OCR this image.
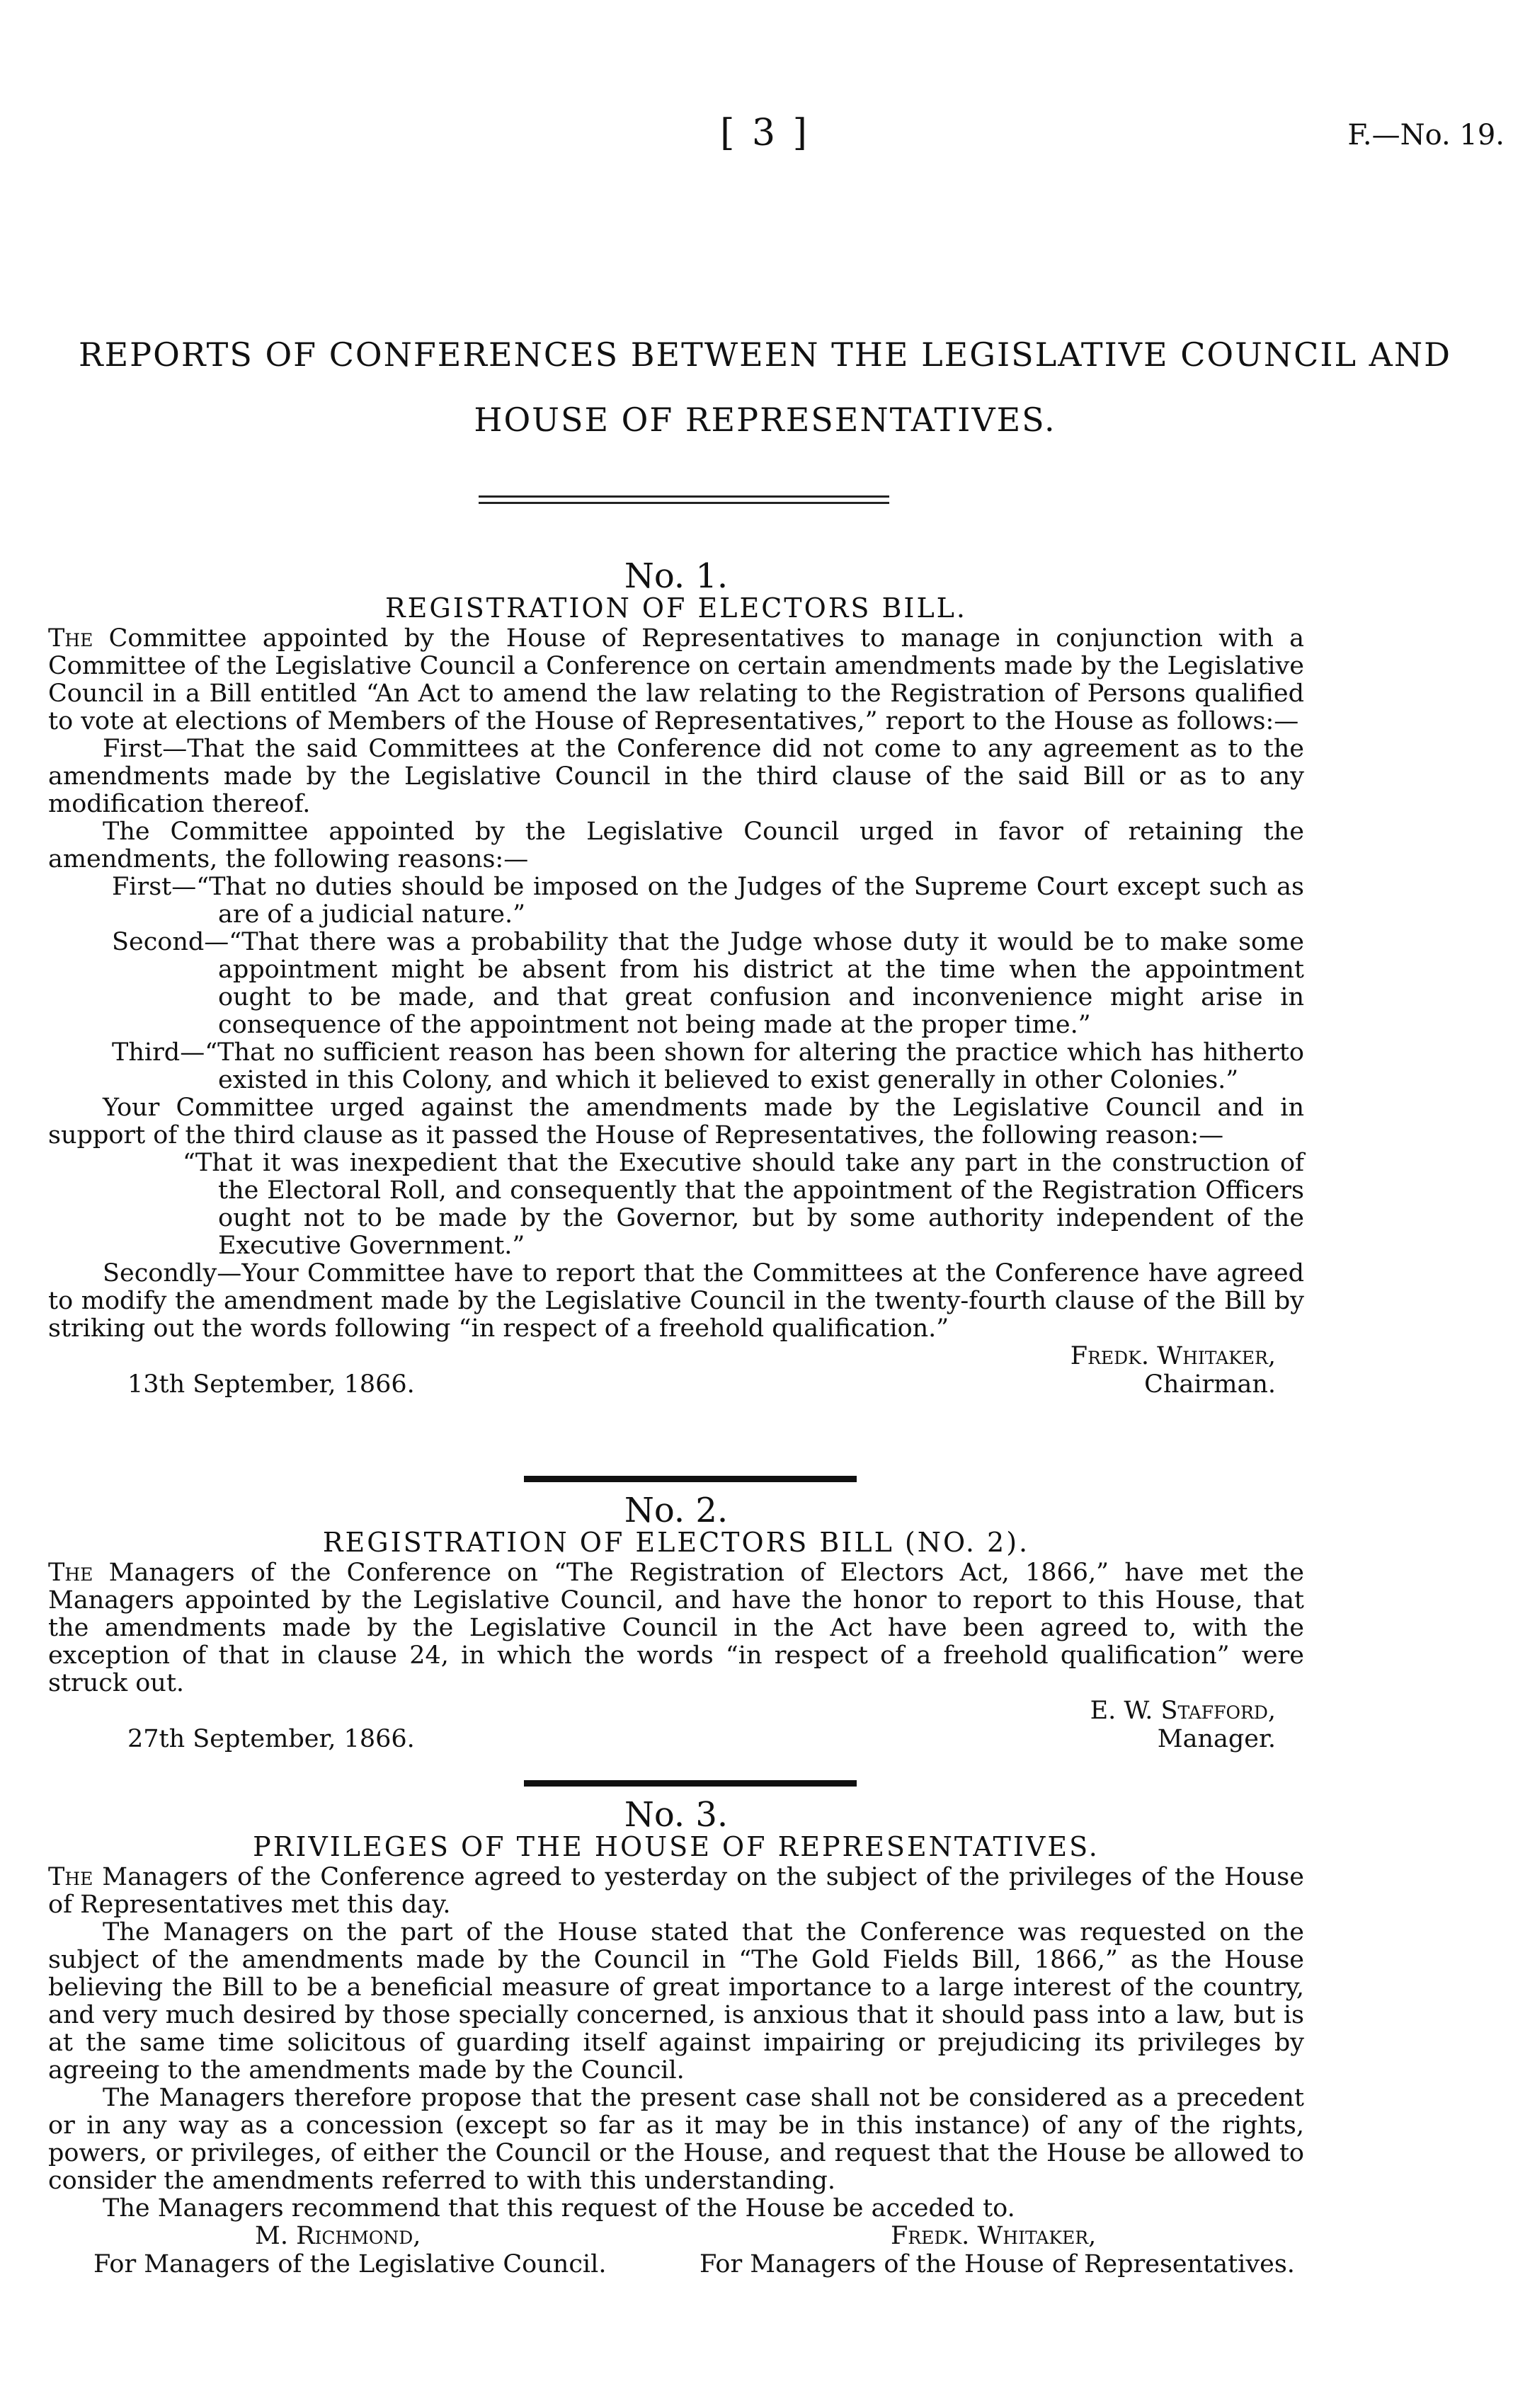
[ 3 ]	F.—No. 19.
REPORTS OF CONFERENCES BETWEEN THE LEGISLATIVE COUNCIL AND
HOUSE OF REPRESENTATIVES.
No. 1.
REGISTRATION OF ELECTORS BILL.

The Committee appointed by the House of Representatives to manage in conjunction with a Committee of the Legislative Council a Conference on certain amendments made by the Legislative Council in a Bill entitled “An Act to amend the law relating to the Registration of Persons qualified to vote at elections of Members of the House of Representatives,” report to the House as follows:—

First—That the said Committees at the Conference did not come to any agreement as to the amendments made by the Legislative Council in the third clause of the said Bill or as to any modification thereof.

The Committee appointed by the Legislative Council urged in favor of retaining the amendments, the following reasons:—

First—“That no duties should be imposed on the Judges of the Supreme Court except such as are of a judicial nature.”

Second—“That there was a probability that the Judge whose duty it would be to make some appointment might be absent from his district at the time when the appointment ought to be made, and that great confusion and inconvenience might arise in consequence of the appointment not being made at the proper time.”

Third—“That no sufficient reason has been shown for altering the practice which has hitherto existed in this Colony, and which it believed to exist generally in other Colonies.”

Your Committee urged against the amendments made by the Legislative Council and in support of the third clause as it passed the House of Representatives, the following reason:—

“That it was inexpedient that the Executive should take any part in the construction of the Electoral Roll, and consequently that the appointment of the Registration Officers ought not to be made by the Governor, but by some authority independent of the Executive Government.”

Secondly—Your Committee have to report that the Committees at the Conference have agreed to modify the amendment made by the Legislative Council in the twenty-fourth clause of the Bill by striking out the words following “in respect of a freehold qualification.”

Fredk. Whitaker,
Chairman.
13th September, 1866.
No. 2.
REGISTRATION OF ELECTORS BILL (NO. 2).

The Managers of the Conference on “The Registration of Electors Act, 1866,” have met the Managers appointed by the Legislative Council, and have the honor to report to this House, that the amendments made by the Legislative Council in the Act have been agreed to, with the exception of that in clause 24, in which the words “in respect of a freehold qualification” were struck out.

E. W. Stafford,
Manager.
27th September, 1866.
No. 3.
PRIVILEGES OF THE HOUSE OF REPRESENTATIVES.

The Managers of the Conference agreed to yesterday on the subject of the privileges of the House of Representatives met this day.

The Managers on the part of the House stated that the Conference was requested on the subject of the amendments made by the Council in “The Gold Fields Bill, 1866,” as the House believing the Bill to be a beneficial measure of great importance to a large interest of the country, and very much desired by those specially concerned, is anxious that it should pass into a law, but is at the same time solicitous of guarding itself against impairing or prejudicing its privileges by agreeing to the amendments made by the Council.

The Managers therefore propose that the present case shall not be considered as a precedent or in any way as a concession (except so far as it may be in this instance) of any of the rights, powers, or privileges, of either the Council or the House, and request that the House be allowed to consider the amendments referred to with this understanding.

The Managers recommend that this request of the House be acceded to.

M. Richmond,
For Managers of the Legislative Council.
Fredk. Whitaker,
For Managers of the House of Representatives.
